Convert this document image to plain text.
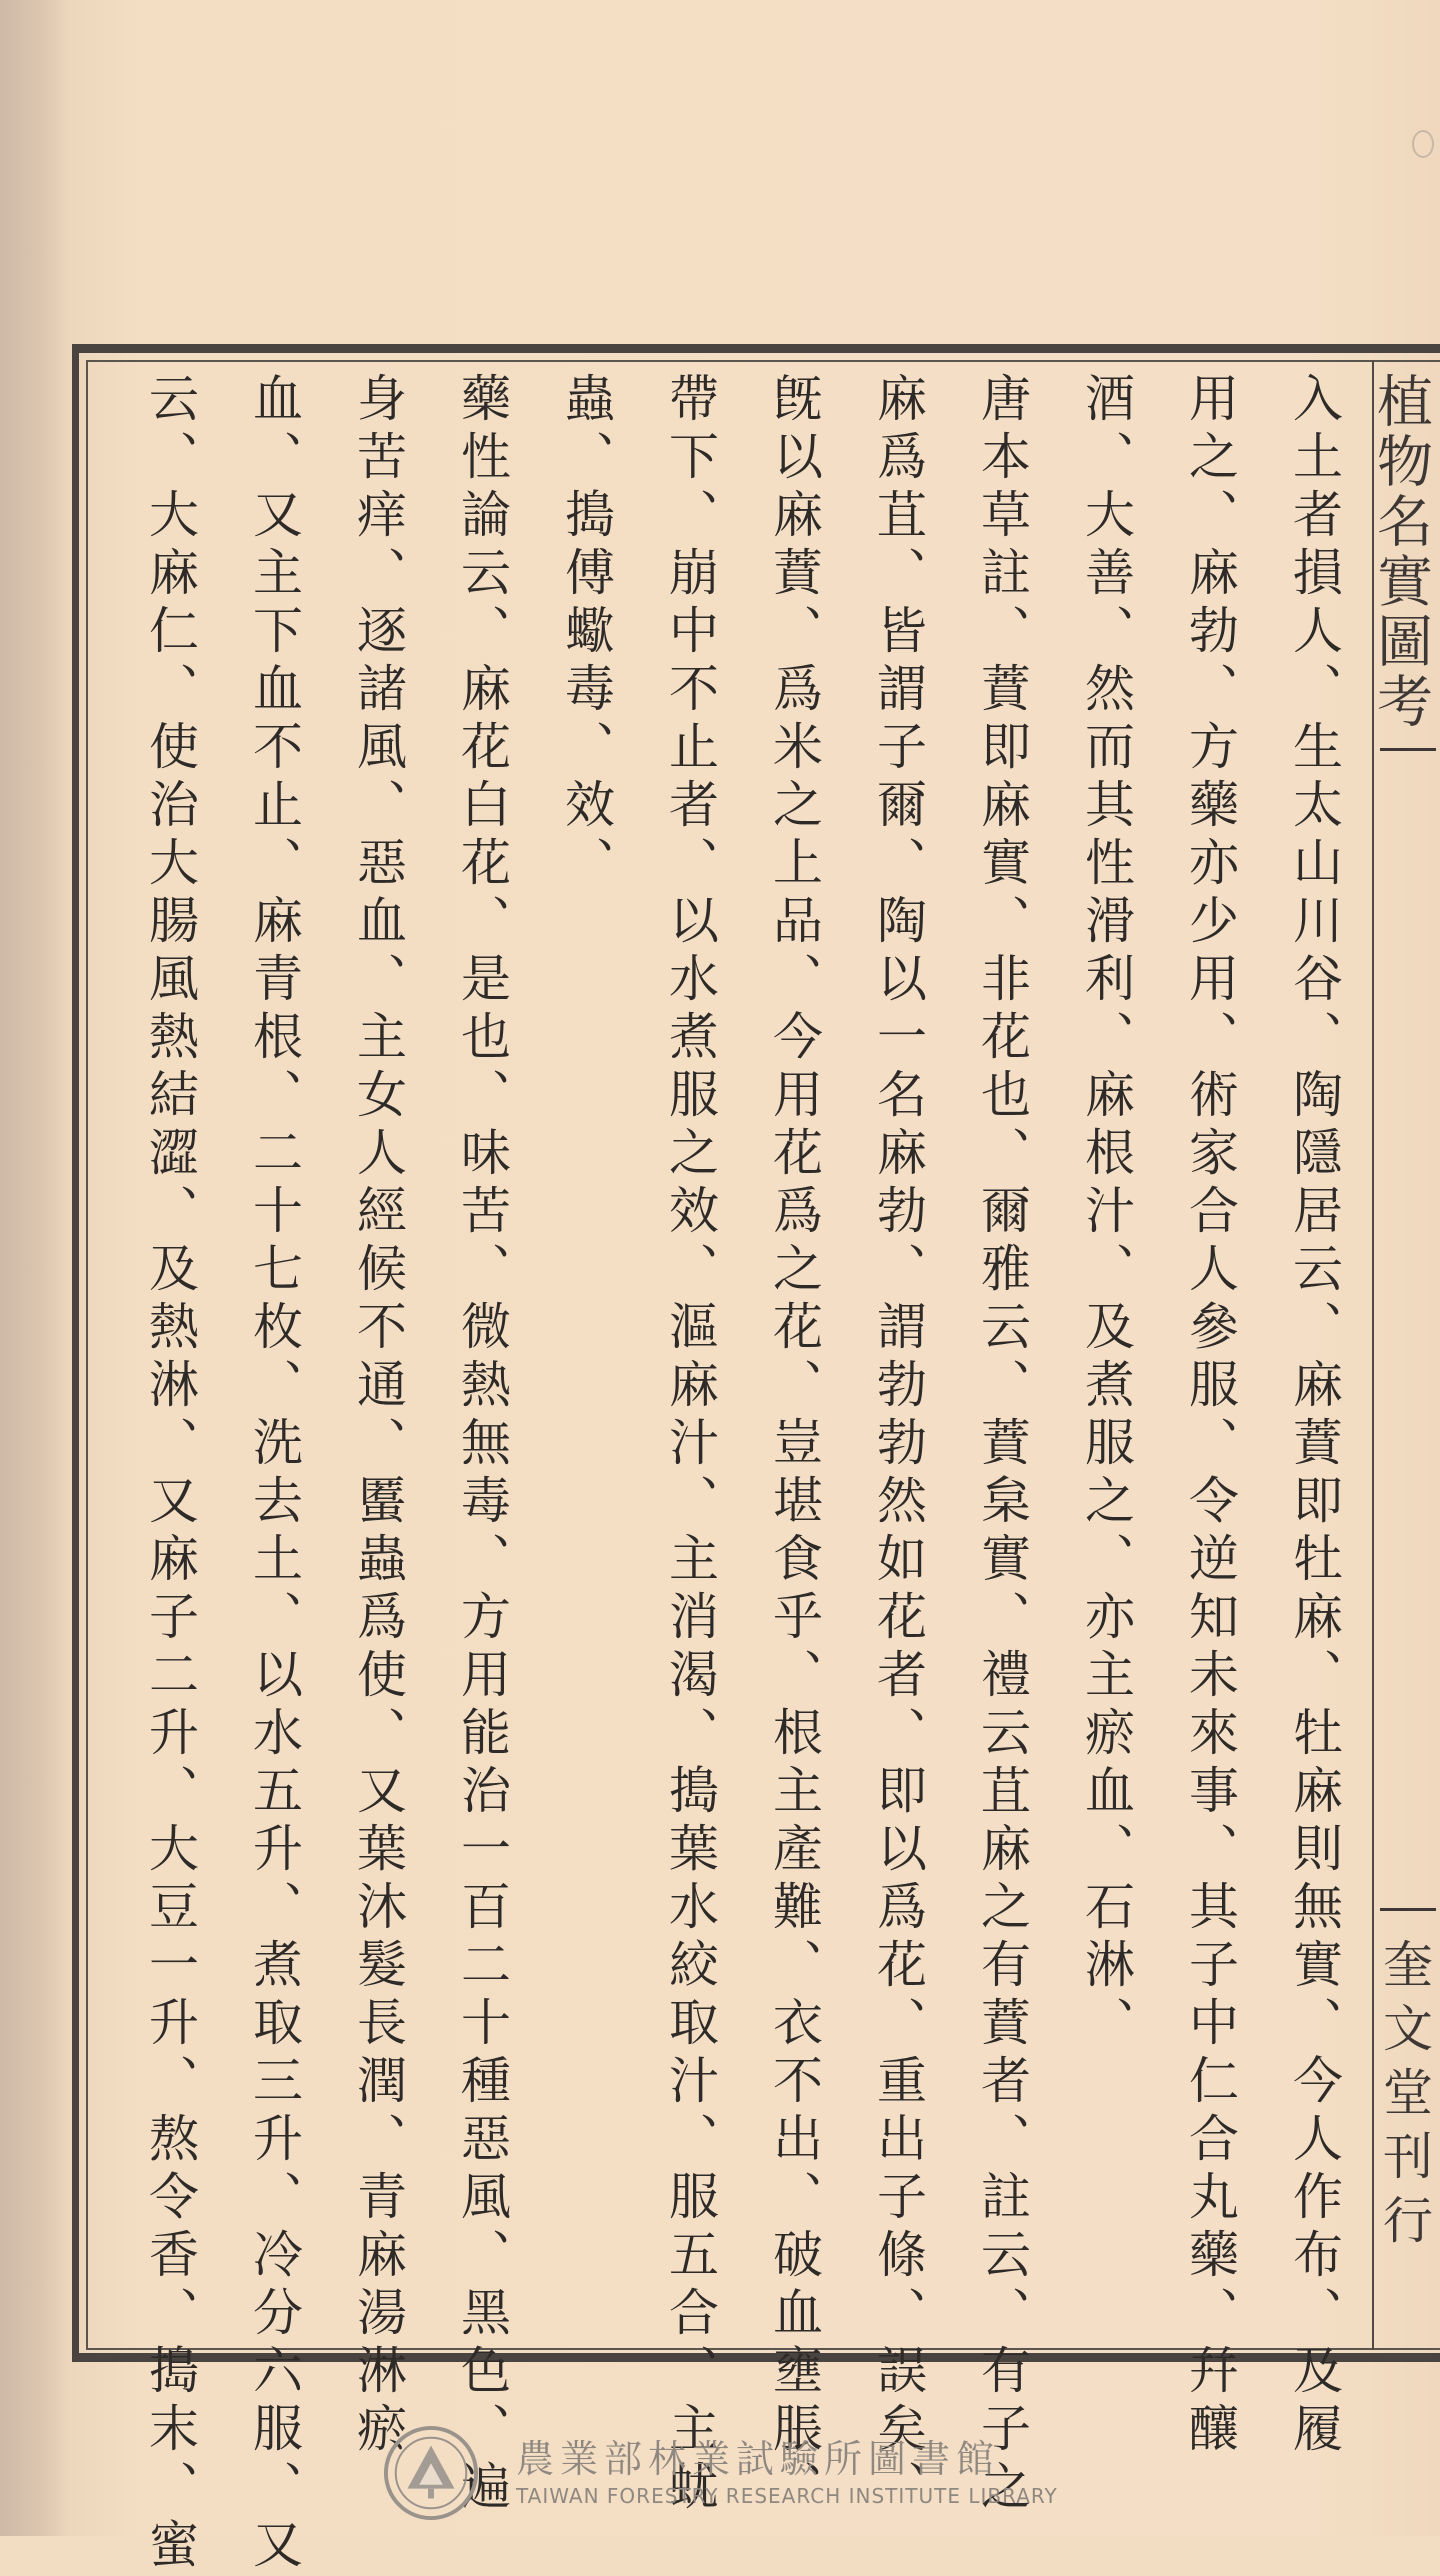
植物名實圖考
奎文堂刊行
入土者損人、生太山川谷、陶隱居云、麻蕡即牡麻、牡麻則無實、今人作布、及履
用之、麻勃、方藥亦少用、術家合人參服、令逆知未來事、其子中仁合丸藥、幷釀
酒、大善、然而其性滑利、麻根汁、及煮服之、亦主瘀血、石淋、
唐本草註、蕡即麻實、非花也、爾雅云、蕡枲實、禮云苴麻之有蕡者、註云、有子之
麻爲苴、皆謂子爾、陶以一名麻勃、謂勃勃然如花者、即以爲花、重出子條、誤矣、
旣以麻蕡、爲米之上品、今用花爲之花、豈堪食乎、根主產難、衣不出、破血壅脹、
帶下、崩中不止者、以水煮服之效、漚麻汁、主消渴、搗葉水絞取汁、服五合、主蚘
蟲、搗傅蠍毒、效、
藥性論云、麻花白花、是也、味苦、微熱無毒、方用能治一百二十種惡風、黑色、遍
身苦痒、逐諸風、惡血、主女人經候不通、𧏾蟲爲使、又葉沐髮長潤、青麻湯淋瘀
血、又主下血不止、麻青根、二十七枚、洗去土、以水五升、煮取三升、冷分六服、又
云、大麻仁、使治大腸風熱結澀、及熱淋、又麻子二升、大豆一升、熬令香、搗末、蜜	農業部林業試驗所圖書館
TAIWAN FORESTRY RESEARCH INSTITUTE LIBRARY
